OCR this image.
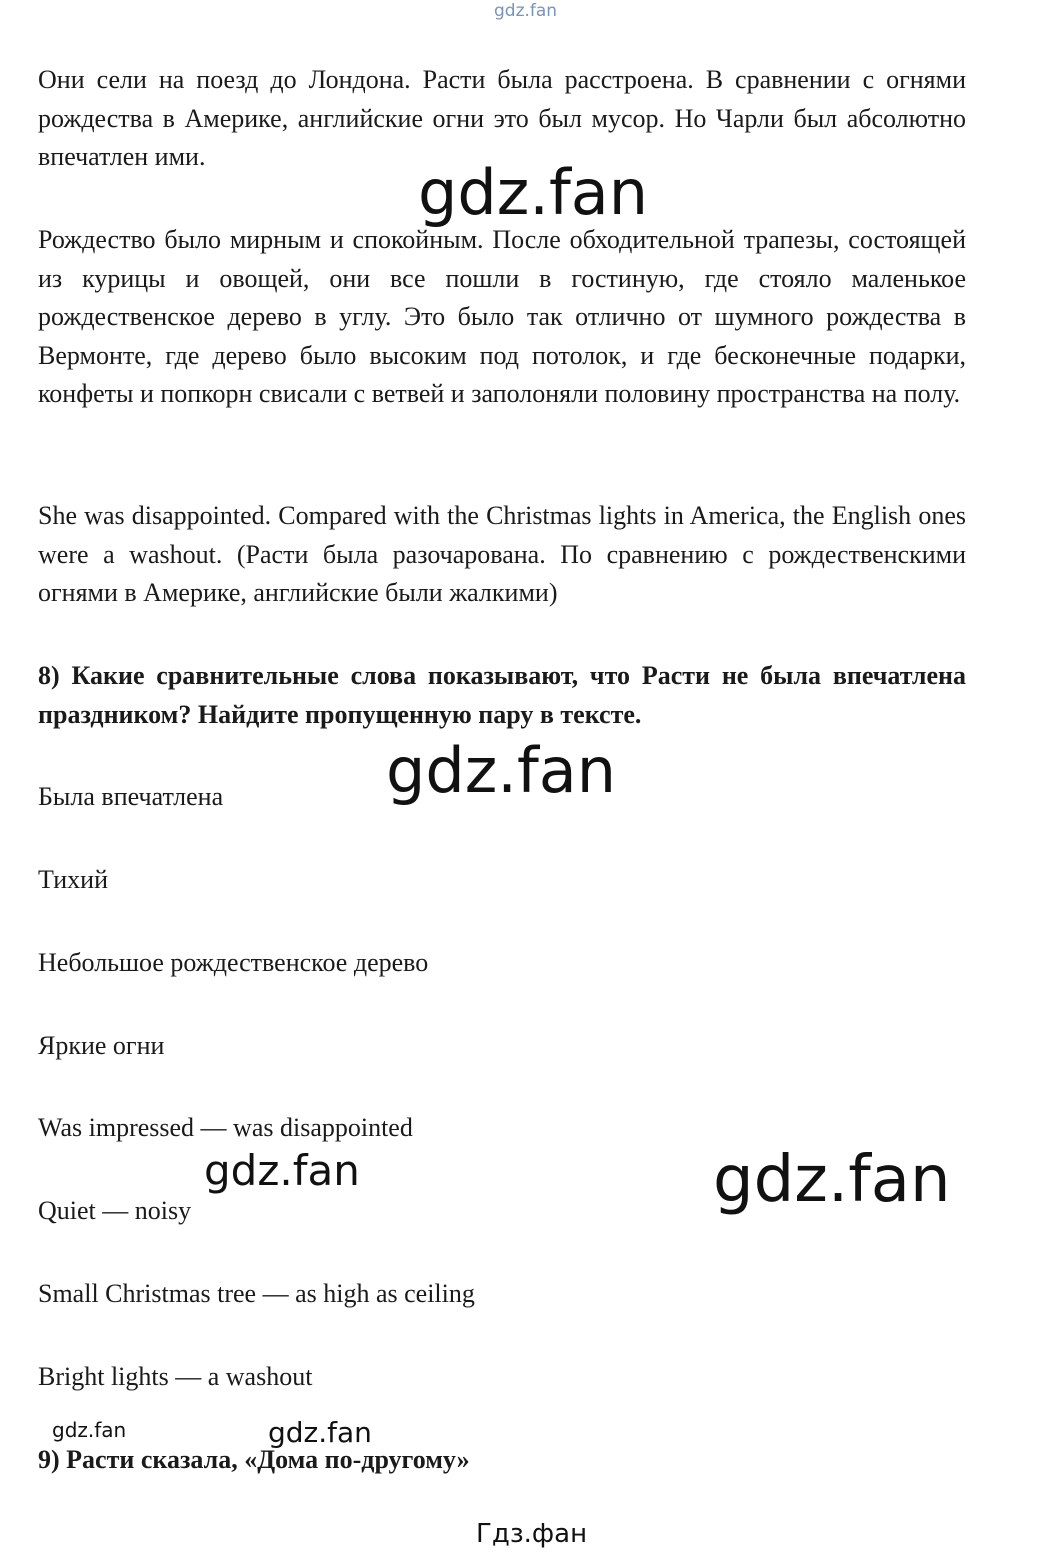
gdz.fan

Они сели на поезд до Лондона. Расти была расстроена. В сравнении с огнями рождества в Америке, английские огни это был мусор. Но Чарли был абсолютно впечатлен ими.	gdz.fan

Рождество было мирным и спокойным. После обходительной трапезы, состоящей из курицы и овощей, они все пошли в гостиную, где стояло маленькое рождественское дерево в углу. Это было так отлично от шумного рождества в Вермонте, где дерево было высоким под потолок, и где бесконечные подарки, конфеты и попкорн свисали с ветвей и заполоняли половину пространства на полу.

She was disappointed. Compared with the Christmas lights in America, the English ones were a washout. (Расти была разочарована. По сравнению с рождественскими огнями в Америке, английские были жалкими)

8) Какие сравнительные слова показывают, что Расти не была впечатлена праздником? Найдите пропущенную пару в тексте.

gdz.fan
Была впечатлена
Тихий
Небольшое рождественское дерево
Яркие огни
Was impressed — was disappointed
gdz.fan	gdz.fan
Quiet — noisy
Small Christmas tree — as high as ceiling
Bright lights — a washout
gdz.fan	gdz.fan
9) Расти сказала, «Дома по-другому»
Гдз.фан
